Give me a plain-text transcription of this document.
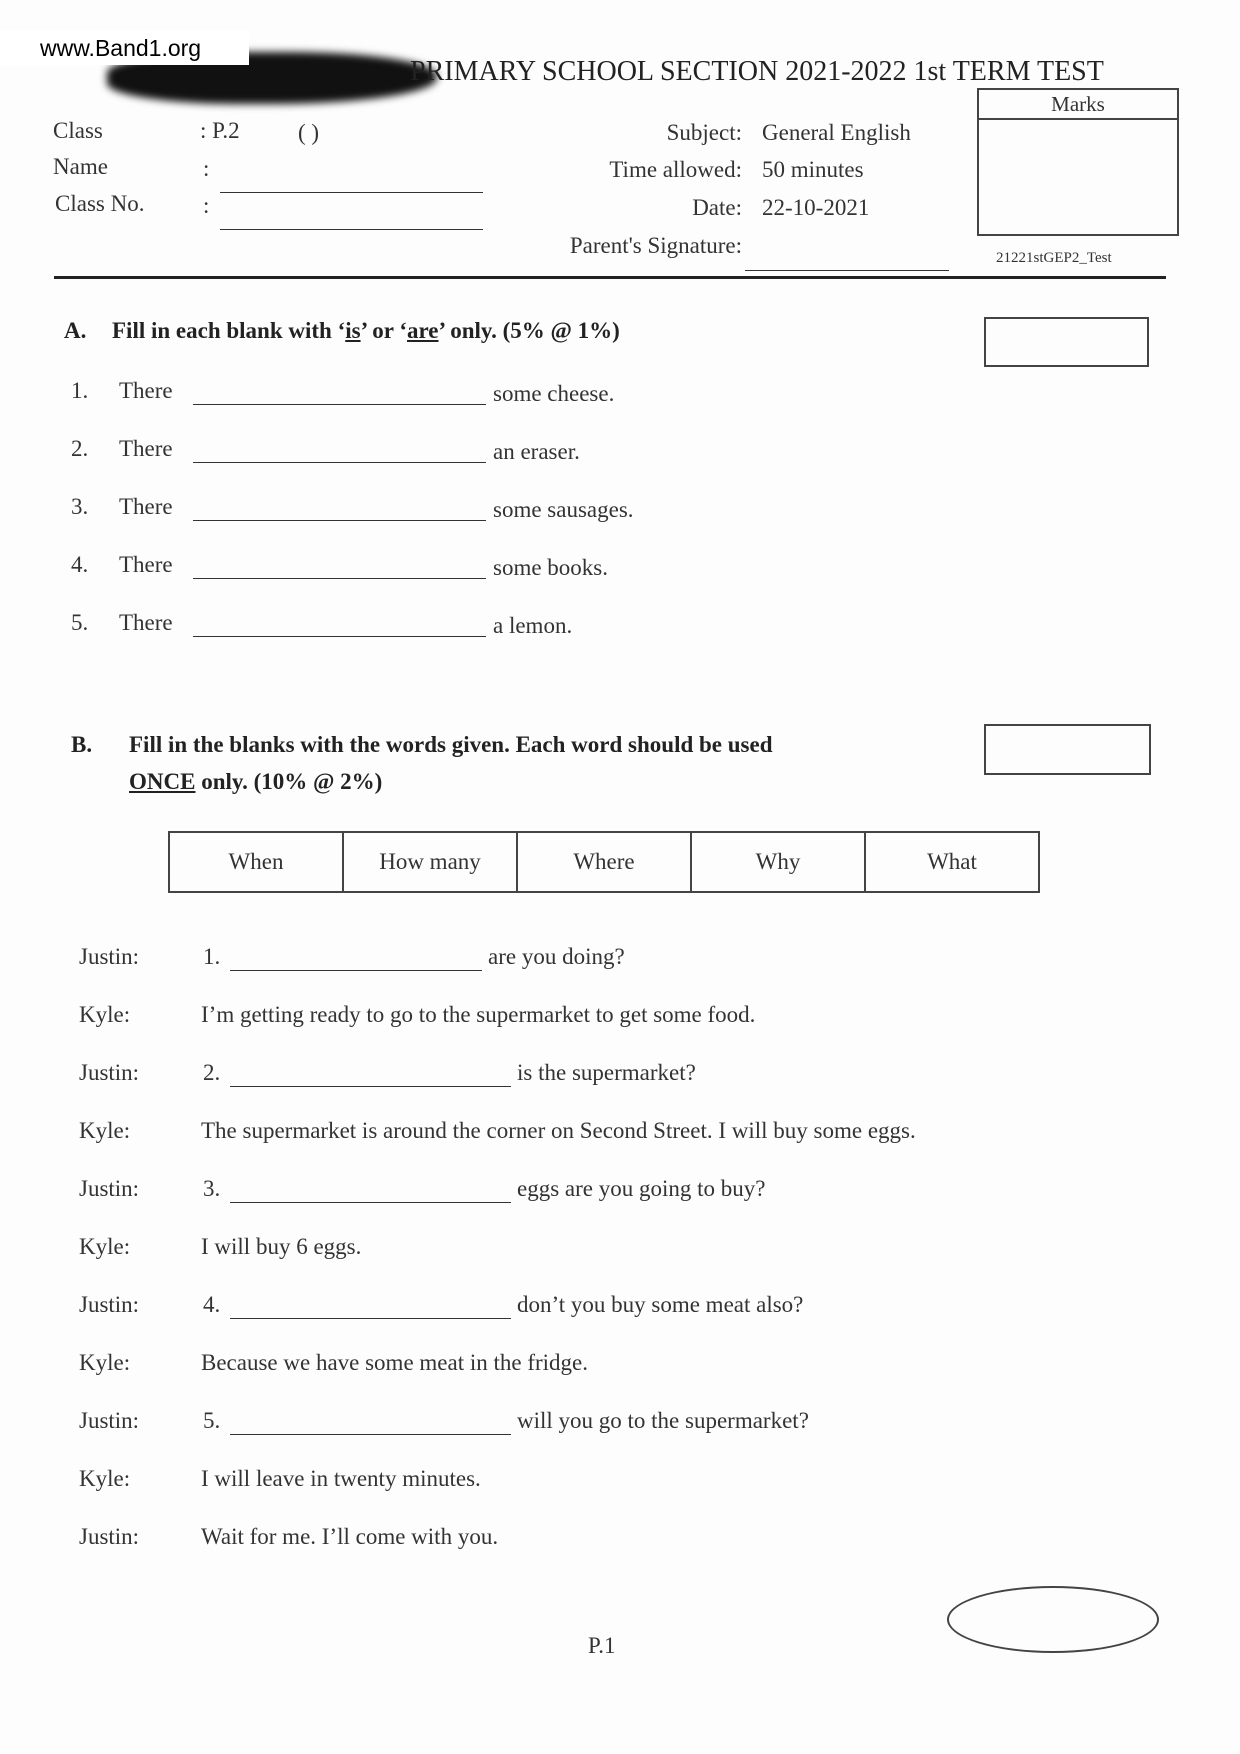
www.Band1.org
PRIMARY SCHOOL SECTION 2021-2022 1st TERM TEST
Marks
Class	: P.2	( )
Name	:
Class No.	:
Subject: General English
Time allowed: 50 minutes
Date: 22-10-2021
Parent's Signature:	21221stGEP2_Test
A. Fill in each blank with ‘is’ or ‘are’ only. (5% @ 1%)
1. There	some cheese.
2. There	an eraser.
3. There	some sausages.
4. There	some books.
5. There	a lemon.
B. Fill in the blanks with the words given. Each word should be used
ONCE only. (10% @ 2%)
When	How many	Where	Why	What
Justin:	1.	are you doing?
Kyle:	I’m getting ready to go to the supermarket to get some food.
Justin:	2.	is the supermarket?
Kyle:	The supermarket is around the corner on Second Street. I will buy some eggs.
Justin:	3.	eggs are you going to buy?
Kyle:	I will buy 6 eggs.
Justin:	4.	don’t you buy some meat also?
Kyle:	Because we have some meat in the fridge.
Justin:	5.	will you go to the supermarket?
Kyle:	I will leave in twenty minutes.
Justin:	Wait for me. I’ll come with you.
P.1
